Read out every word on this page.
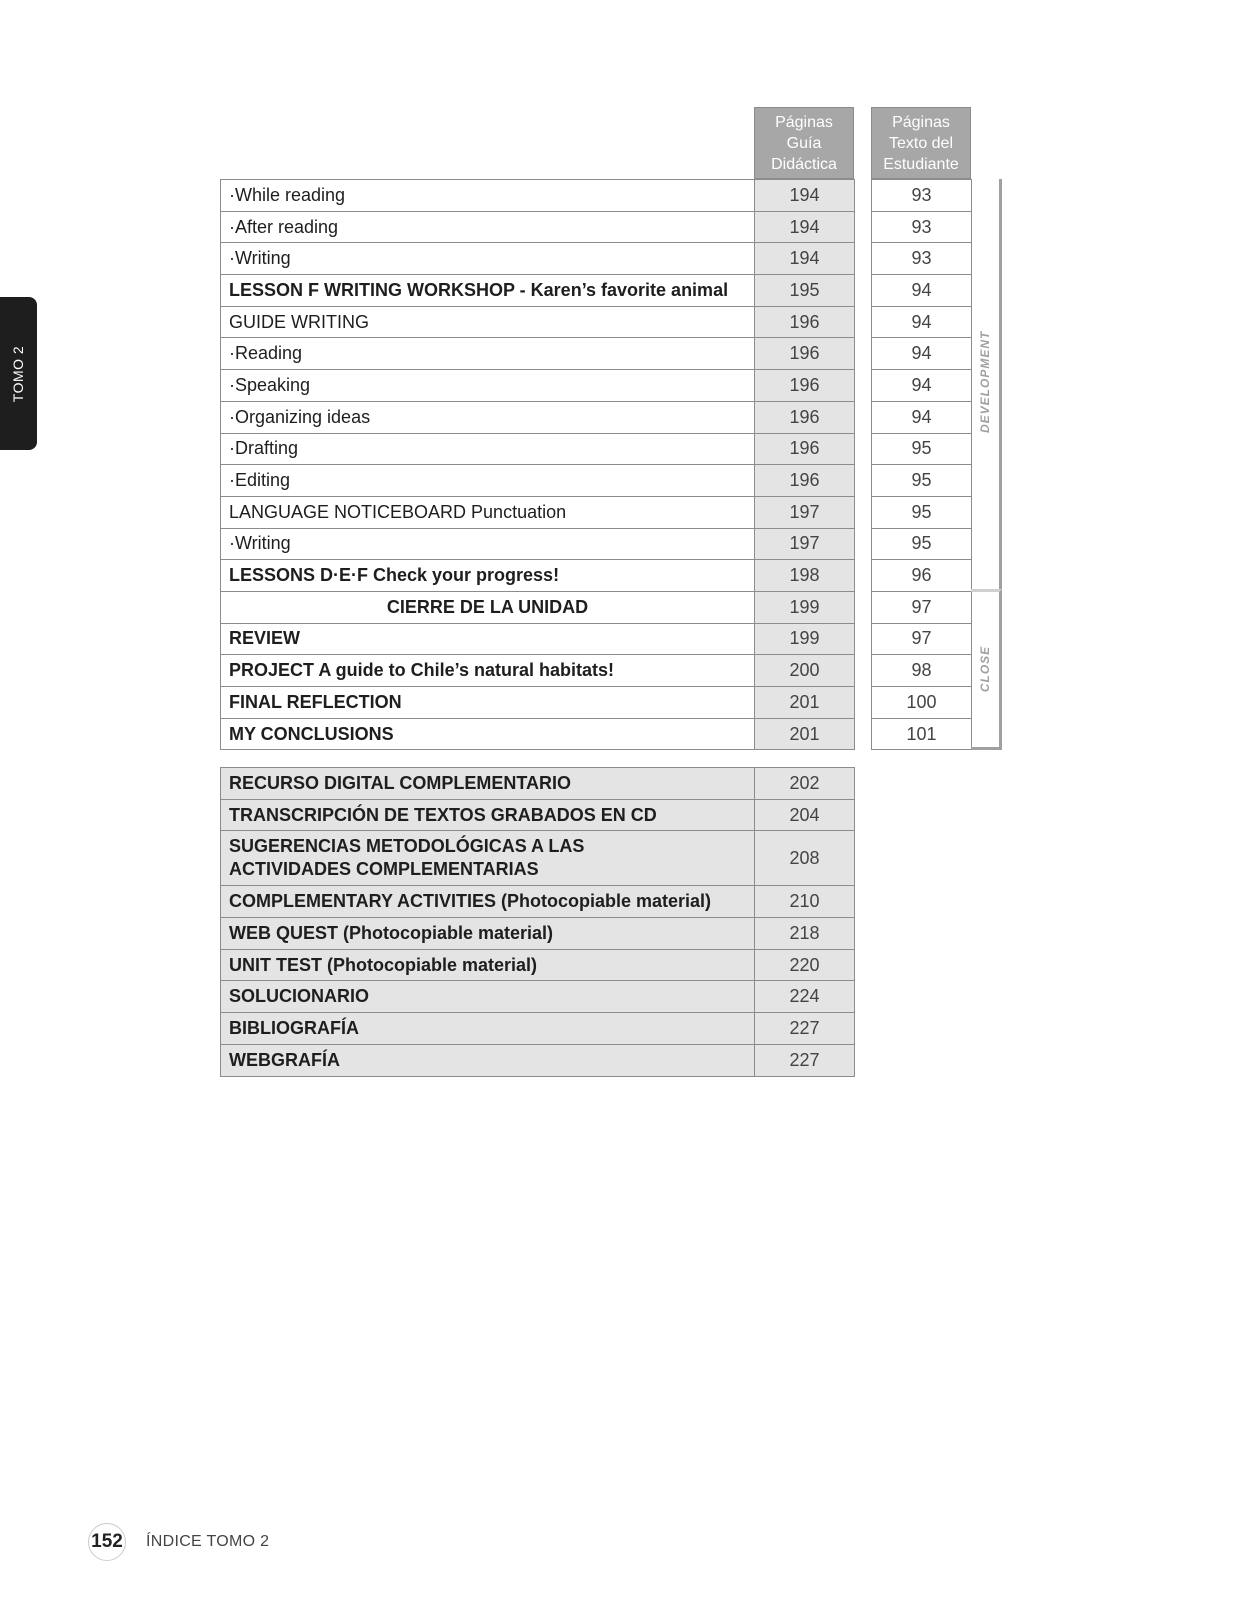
TOMO 2
Páginas
Guía
Didáctica
Páginas
Texto del
Estudiante
·While reading	194		93
·After reading	194		93
·Writing	194		93
LESSON F WRITING WORKSHOP - Karen’s favorite animal	195		94
GUIDE WRITING	196		94
·Reading	196		94
·Speaking	196		94
·Organizing ideas	196		94
·Drafting	196		95
·Editing	196		95
LANGUAGE NOTICEBOARD Punctuation	197		95
·Writing	197		95
LESSONS D·E·F Check your progress!	198		96
CIERRE DE LA UNIDAD	199		97
REVIEW	199		97
PROJECT A guide to Chile’s natural habitats!	200		98
FINAL REFLECTION	201		100
MY CONCLUSIONS	201		101
DEVELOPMENT
CLOSE
RECURSO DIGITAL COMPLEMENTARIO	202
TRANSCRIPCIÓN DE TEXTOS GRABADOS EN CD	204

SUGERENCIAS METODOLÓGICAS A LAS
ACTIVIDADES COMPLEMENTARIAS	208
COMPLEMENTARY ACTIVITIES (Photocopiable material)	210
WEB QUEST (Photocopiable material)	218
UNIT TEST (Photocopiable material)	220
SOLUCIONARIO	224
BIBLIOGRAFÍA	227
WEBGRAFÍA	227
152 ÍNDICE TOMO 2
